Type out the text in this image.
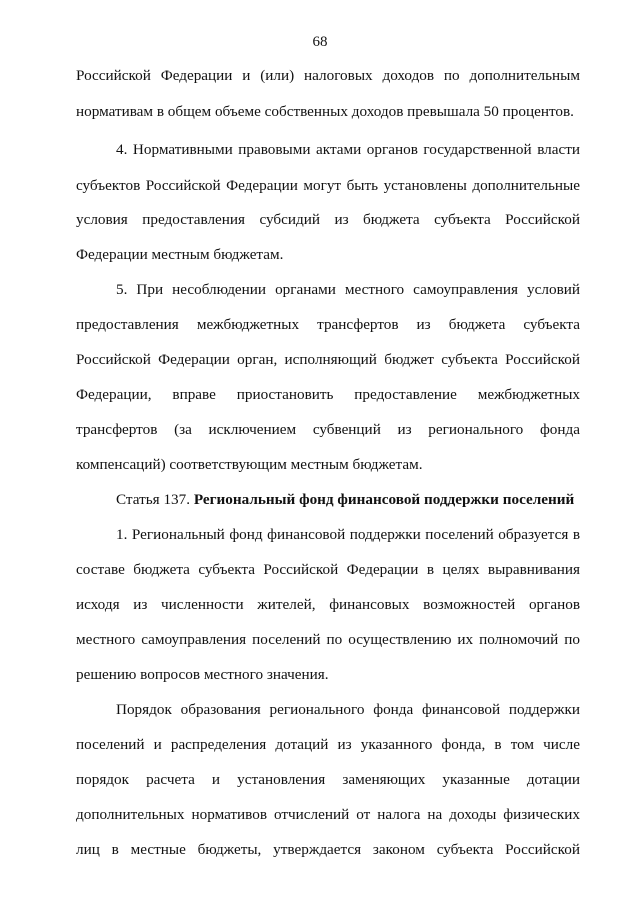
68
Российской Федерации и (или) налоговых доходов по дополнительным
нормативам в общем объеме собственных доходов превышала 50 процентов.
4. Нормативными правовыми актами органов государственной власти
субъектов Российской Федерации могут быть установлены дополнительные
условия предоставления субсидий из бюджета субъекта Российской
Федерации местным бюджетам.
5. При несоблюдении органами местного самоуправления условий
предоставления межбюджетных трансфертов из бюджета субъекта
Российской Федерации орган, исполняющий бюджет субъекта Российской
Федерации, вправе приостановить предоставление межбюджетных
трансфертов (за исключением субвенций из регионального фонда
компенсаций) соответствующим местным бюджетам.
Статья 137. Региональный фонд финансовой поддержки поселений
1. Региональный фонд финансовой поддержки поселений образуется в
составе бюджета субъекта Российской Федерации в целях выравнивания
исходя из численности жителей, финансовых возможностей органов
местного самоуправления поселений по осуществлению их полномочий по
решению вопросов местного значения.
Порядок образования регионального фонда финансовой поддержки
поселений и распределения дотаций из указанного фонда, в том числе
порядок расчета и установления заменяющих указанные дотации
дополнительных нормативов отчислений от налога на доходы физических
лиц в местные бюджеты, утверждается законом субъекта Российской
